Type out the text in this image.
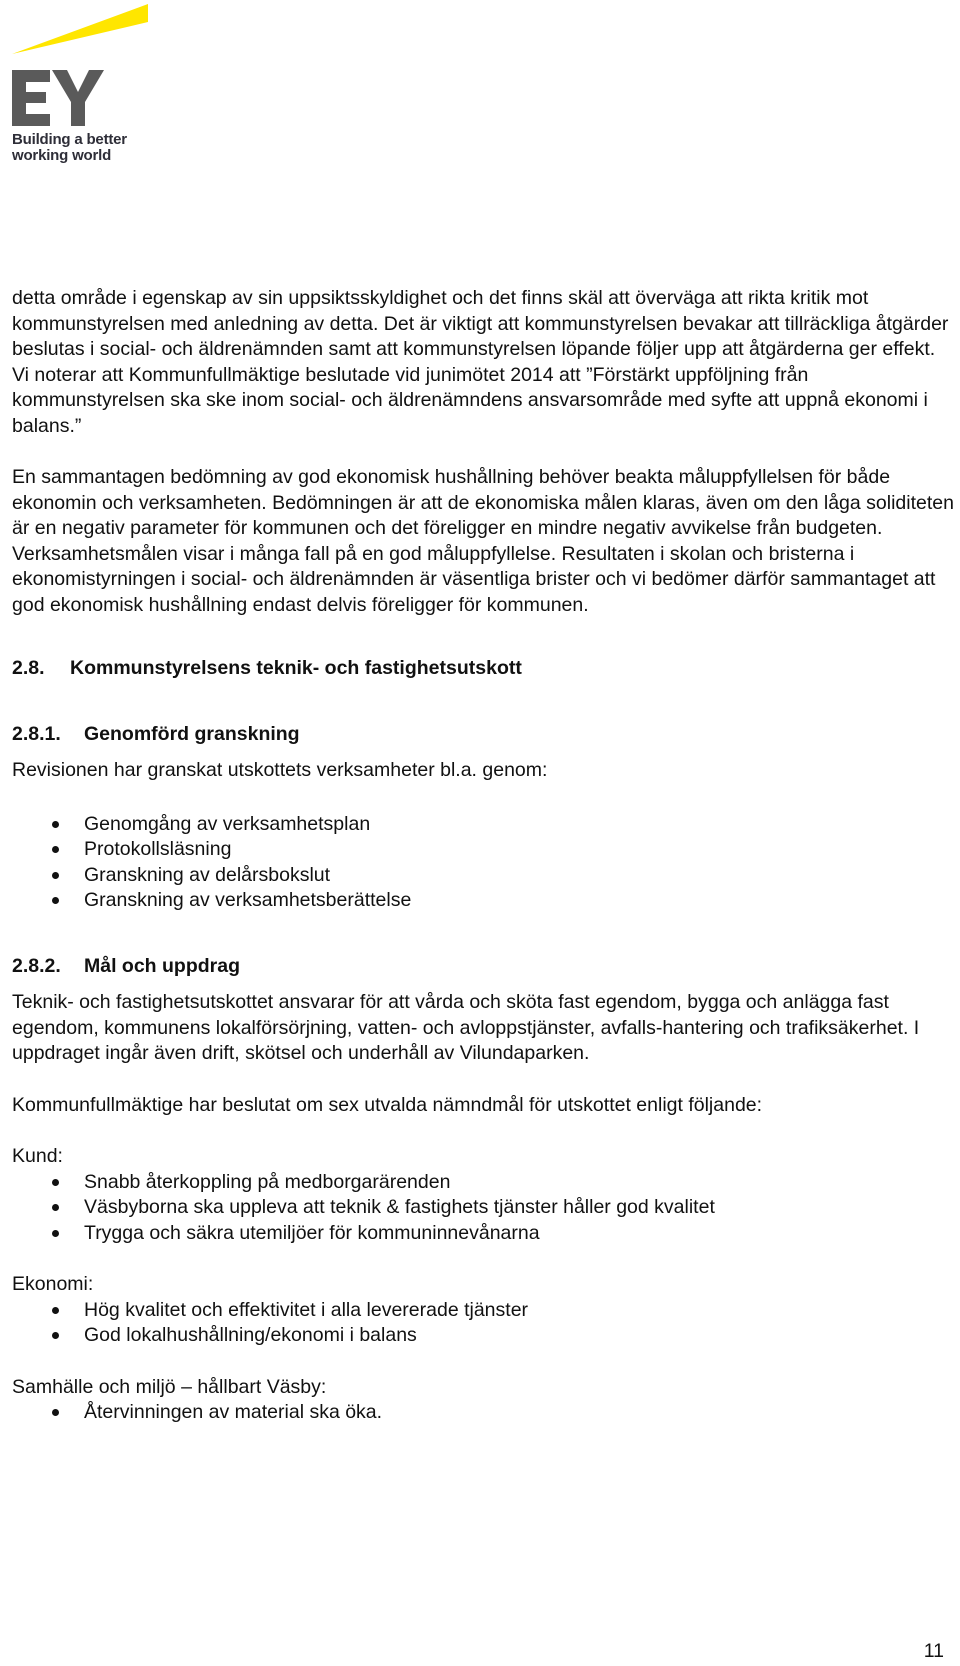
Building a better
working world

detta område i egenskap av sin uppsiktsskyldighet och det finns skäl att överväga att rikta kritik mot kommunstyrelsen med anledning av detta. Det är viktigt att kommunstyrelsen bevakar att tillräckliga åtgärder beslutas i social- och äldrenämnden samt att kommunstyrelsen löpande följer upp att åtgärderna ger effekt. Vi noterar att Kommunfullmäktige beslutade vid junimötet 2014 att ”Förstärkt uppföljning från kommunstyrelsen ska ske inom social- och äldrenämndens ansvarsområde med syfte att uppnå ekonomi i balans.”

En sammantagen bedömning av god ekonomisk hushållning behöver beakta måluppfyllelsen för både ekonomin och verksamheten. Bedömningen är att de ekonomiska målen klaras, även om den låga soliditeten är en negativ parameter för kommunen och det föreligger en mindre negativ avvikelse från budgeten. Verksamhetsmålen visar i många fall på en god måluppfyllelse. Resultaten i skolan och bristerna i ekonomistyrningen i social- och äldrenämnden är väsentliga brister och vi bedömer därför sammantaget att god ekonomisk hushållning endast delvis föreligger för kommunen.

2.8. Kommunstyrelsens teknik- och fastighetsutskott
2.8.1. Genomförd granskning

Revisionen har granskat utskottets verksamheter bl.a. genom:

Genomgång av verksamhetsplan
Protokollsläsning
Granskning av delårsbokslut
Granskning av verksamhetsberättelse
2.8.2. Mål och uppdrag

Teknik- och fastighetsutskottet ansvarar för att vårda och sköta fast egendom, bygga och anlägga fast egendom, kommunens lokalförsörjning, vatten- och avloppstjänster, avfalls-hantering och trafiksäkerhet. I uppdraget ingår även drift, skötsel och underhåll av Vilundaparken.

Kommunfullmäktige har beslutat om sex utvalda nämndmål för utskottet enligt följande:

Kund:

Snabb återkoppling på medborgarärenden
Väsbyborna ska uppleva att teknik & fastighets tjänster håller god kvalitet
Trygga och säkra utemiljöer för kommuninnevånarna

Ekonomi:

Hög kvalitet och effektivitet i alla levererade tjänster
God lokalhushållning/ekonomi i balans

Samhälle och miljö – hållbart Väsby:

Återvinningen av material ska öka.
11
